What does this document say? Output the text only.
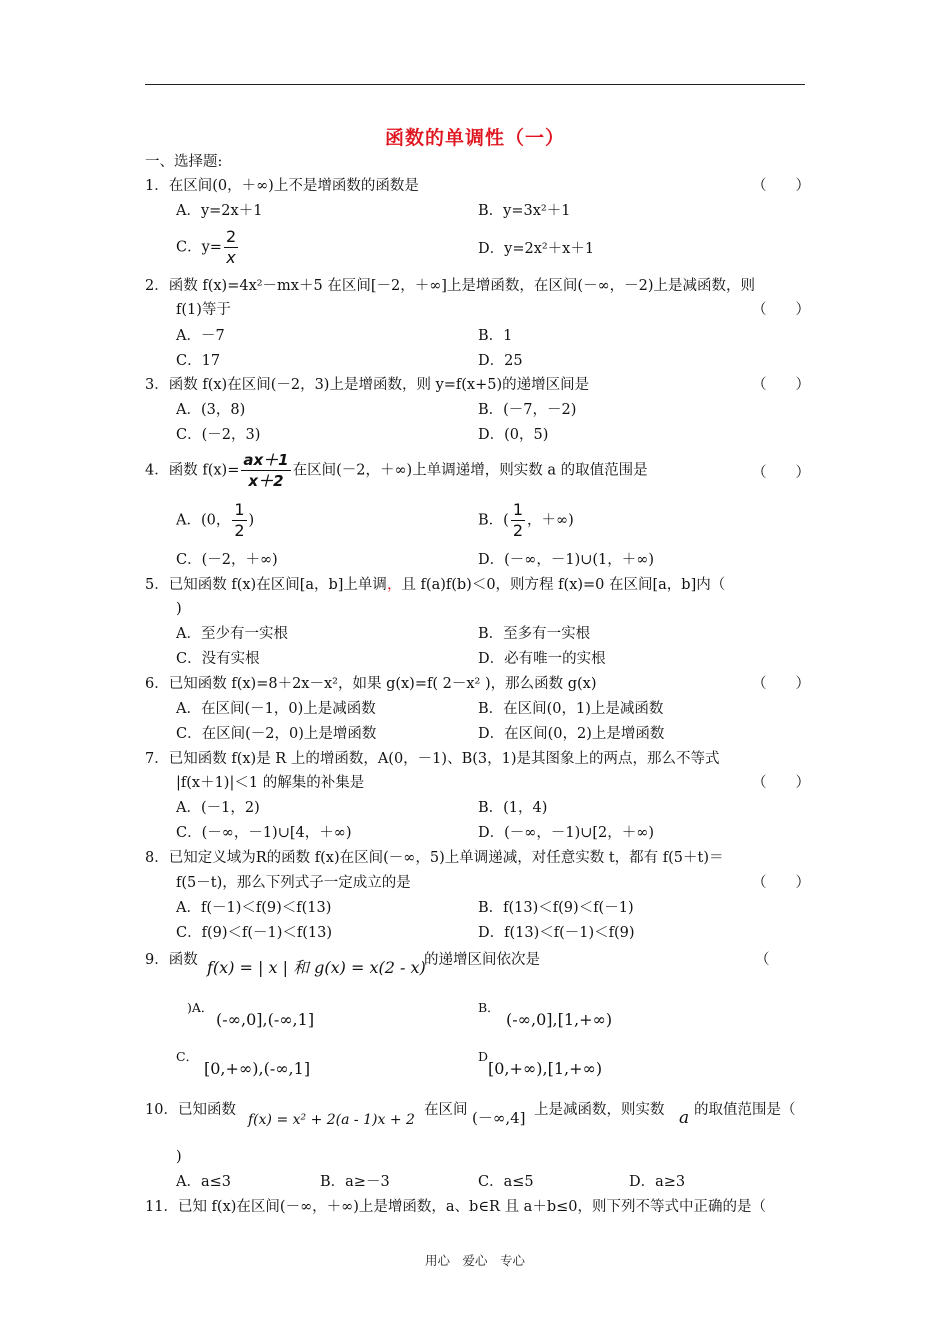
函数的单调性（一）
一、选择题:
1．在区间(0，＋∞)上不是增函数的函数是	（　　）
A．y=2x＋1	B．y=3x²＋1
C．$y= \frac{2}{x}$	D．y=2x²＋x＋1
2．函数 f(x)=4x²－mx＋5 在区间[－2，＋∞]上是增函数，在区间(－∞，－2)上是减函数，则
f(1)等于	（　　）
A．－7	B．1
C．17	D．25
3．函数 f(x)在区间(－2，3)上是增函数，则 y=f(x+5)的递增区间是	（　　）
A．(3，8)	B．(－7，－2)
C．(－2，3)	D．(0，5)
4．函数 $f(x)= \frac{ax+1}{x+2}$ 在区间(－2，＋∞)上单调递增，则实数 a 的取值范围是	（　　）
A．(0， $\frac{1}{2}$ )	B．( $\frac{1}{2}$ ，＋∞)
C．(－2，＋∞)	D．(－∞，－1)∪(1，＋∞)
5．已知函数 f(x)在区间[a，b]上单调，且 f(a)f(b)＜0，则方程 f(x)=0 在区间[a，b]内（
)
A．至少有一实根	B．至多有一实根
C．没有实根	D．必有唯一的实根
6．已知函数 f(x)=8＋2x－x²，如果 g(x)=f( 2－x² )，那么函数 g(x)	（　　）
A．在区间(－1，0)上是减函数	B．在区间(0，1)上是减函数
C．在区间(－2，0)上是增函数	D．在区间(0，2)上是增函数
7．已知函数 f(x)是 R 上的增函数，A(0，－1)、B(3，1)是其图象上的两点，那么不等式
|f(x＋1)|＜1 的解集的补集是	（　　）
A．(－1，2)	B．(1，4)
C．(－∞，－1)∪[4，＋∞)	D．(－∞，－1)∪[2，＋∞)
8．已知定义域为R的函数 f(x)在区间(－∞，5)上单调递减，对任意实数 t，都有 f(5＋t)＝
f(5－t)，那么下列式子一定成立的是	（　　）
A．f(－1)＜f(9)＜f(13)	B．f(13)＜f(9)＜f(－1)
C．f(9)＜f(－1)＜f(13)	D．f(13)＜f(－1)＜f(9)
9．函数 f(x) = | x | 和 g(x) = x(2 - x)
的递增区间依次是	（
)A．
(-∞,0],(-∞,1]
B．
(-∞,0],[1,+∞)
C．
[0,+∞),(-∞,1]
D
[0,+∞),[1,+∞)
10．已知函数
f(x) = x² + 2(a - 1)x + 2
在区间 (－∞,4] 上是减函数，则实数 a 的取值范围是（
)
A．a≤3	B．a≥－3	C．a≤5	D．a≥3
11．已知 f(x)在区间(－∞，＋∞)上是增函数，a、b∈R 且 a＋b≤0，则下列不等式中正确的是（
用心　爱心　专心
